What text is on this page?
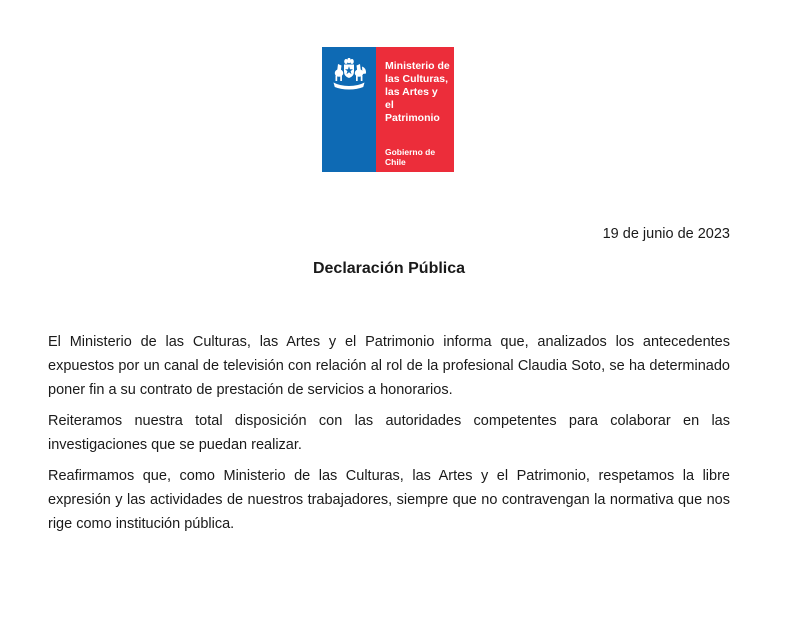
Ministerio de
las Culturas,
las Artes y
el Patrimonio
Gobierno de Chile
19 de junio de 2023
Declaración Pública

El Ministerio de las Culturas, las Artes y el Patrimonio informa que, analizados los antecedentes expuestos por un canal de televisión con relación al rol de la profesional Claudia Soto, se ha determinado poner fin a su contrato de prestación de servicios a honorarios.

Reiteramos nuestra total disposición con las autoridades competentes para colaborar en las investigaciones que se puedan realizar.

Reafirmamos que, como Ministerio de las Culturas, las Artes y el Patrimonio, respetamos la libre expresión y las actividades de nuestros trabajadores, siempre que no contravengan la normativa que nos rige como institución pública.
